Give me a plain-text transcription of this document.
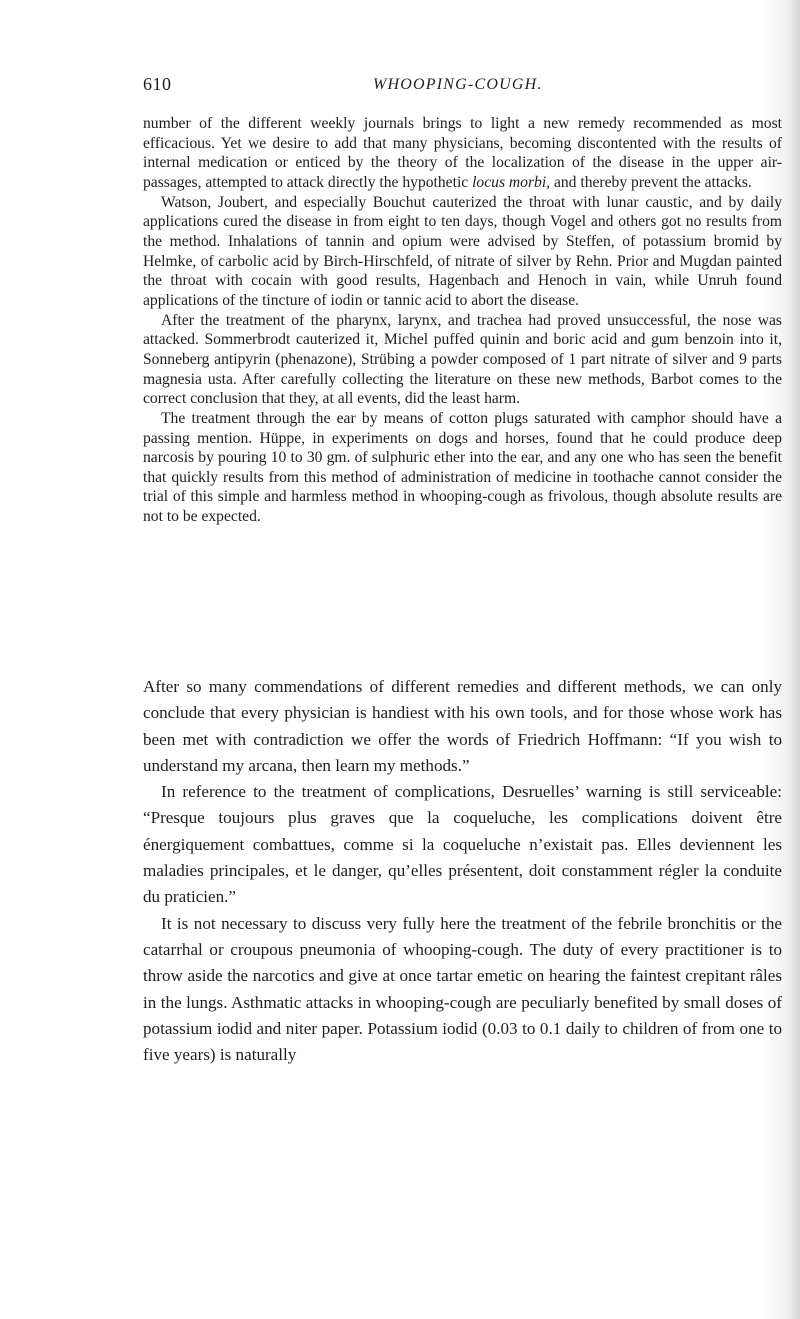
610	WHOOPING-COUGH.

number of the different weekly journals brings to light a new remedy recommended as most efficacious. Yet we desire to add that many physicians, becoming discontented with the results of internal medication or enticed by the theory of the localization of the disease in the upper air-passages, attempted to attack directly the hypothetic locus morbi, and thereby prevent the attacks.

Watson, Joubert, and especially Bouchut cauterized the throat with lunar caustic, and by daily applications cured the disease in from eight to ten days, though Vogel and others got no results from the method. Inhalations of tannin and opium were advised by Steffen, of potassium bromid by Helmke, of carbolic acid by Birch-Hirschfeld, of nitrate of silver by Rehn. Prior and Mugdan painted the throat with cocain with good results, Hagenbach and Henoch in vain, while Unruh found applications of the tincture of iodin or tannic acid to abort the disease.

After the treatment of the pharynx, larynx, and trachea had proved unsuccessful, the nose was attacked. Sommerbrodt cauterized it, Michel puffed quinin and boric acid and gum benzoin into it, Sonneberg antipyrin (phenazone), Strübing a powder composed of 1 part nitrate of silver and 9 parts magnesia usta. After carefully collecting the literature on these new methods, Barbot comes to the correct conclusion that they, at all events, did the least harm.

The treatment through the ear by means of cotton plugs saturated with camphor should have a passing mention. Hüppe, in experiments on dogs and horses, found that he could produce deep narcosis by pouring 10 to 30 gm. of sulphuric ether into the ear, and any one who has seen the benefit that quickly results from this method of administration of medicine in toothache cannot consider the trial of this simple and harmless method in whooping-cough as frivolous, though absolute results are not to be expected.

After so many commendations of different remedies and different methods, we can only conclude that every physician is handiest with his own tools, and for those whose work has been met with contradiction we offer the words of Friedrich Hoffmann: “If you wish to understand my arcana, then learn my methods.”

In reference to the treatment of complications, Desruelles’ warning is still serviceable: “Presque toujours plus graves que la coqueluche, les complications doivent être énergiquement combattues, comme si la coqueluche n’existait pas. Elles deviennent les maladies principales, et le danger, qu’elles présentent, doit constamment régler la conduite du praticien.”

It is not necessary to discuss very fully here the treatment of the febrile bronchitis or the catarrhal or croupous pneumonia of whooping-cough. The duty of every practitioner is to throw aside the narcotics and give at once tartar emetic on hearing the faintest crepitant râles in the lungs. Asthmatic attacks in whooping-cough are peculiarly benefited by small doses of potassium iodid and niter paper. Potassium iodid (0.03 to 0.1 daily to children of from one to five years) is naturally
